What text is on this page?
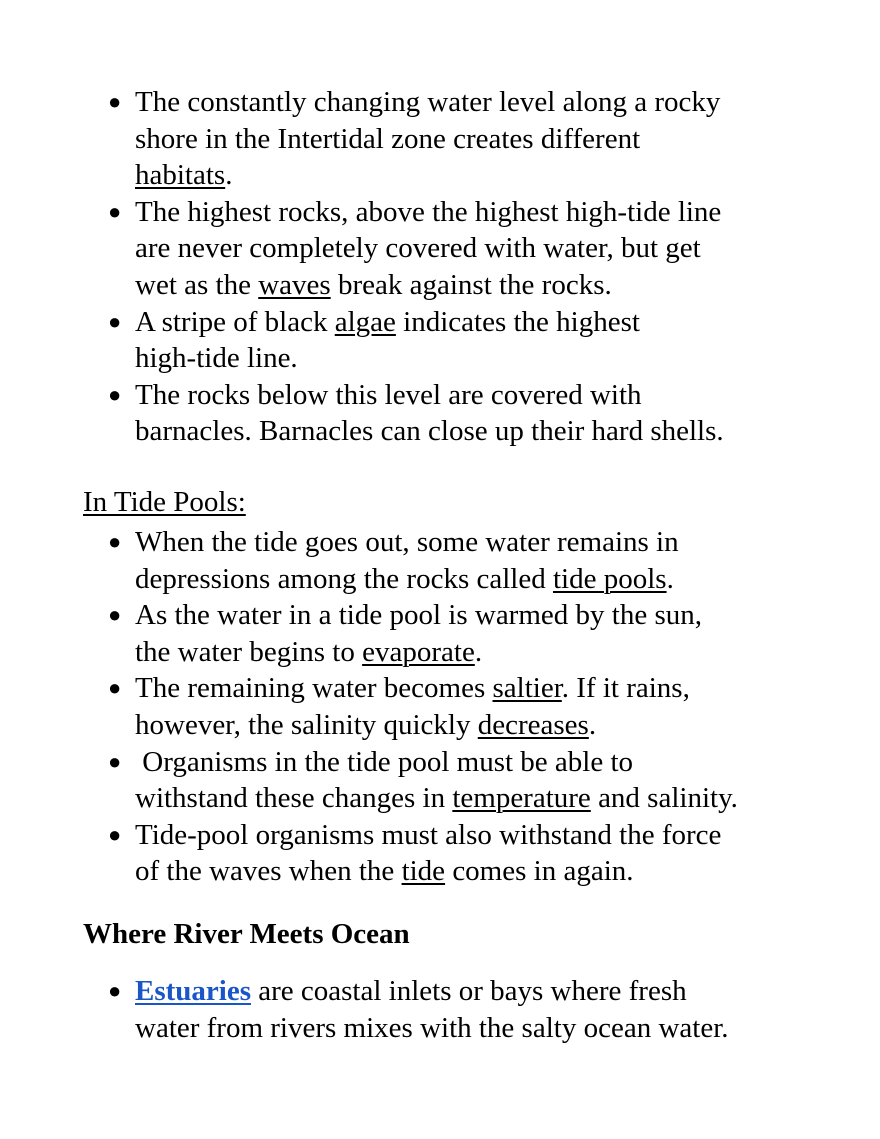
● The constantly changing water level along a rocky
shore in the Intertidal zone creates different
habitats.
● The highest rocks, above the highest high-tide line
are never completely covered with water, but get
wet as the waves break against the rocks.
● A stripe of black algae indicates the highest
high-tide line.
● The rocks below this level are covered with
barnacles. Barnacles can close up their hard shells.
In Tide Pools:
● When the tide goes out, some water remains in
depressions among the rocks called tide pools.
● As the water in a tide pool is warmed by the sun,
the water begins to evaporate.
● The remaining water becomes saltier. If it rains,
however, the salinity quickly decreases.
● Organisms in the tide pool must be able to
withstand these changes in temperature and salinity.
● Tide-pool organisms must also withstand the force
of the waves when the tide comes in again.
Where River Meets Ocean
● Estuaries are coastal inlets or bays where fresh
water from rivers mixes with the salty ocean water.
